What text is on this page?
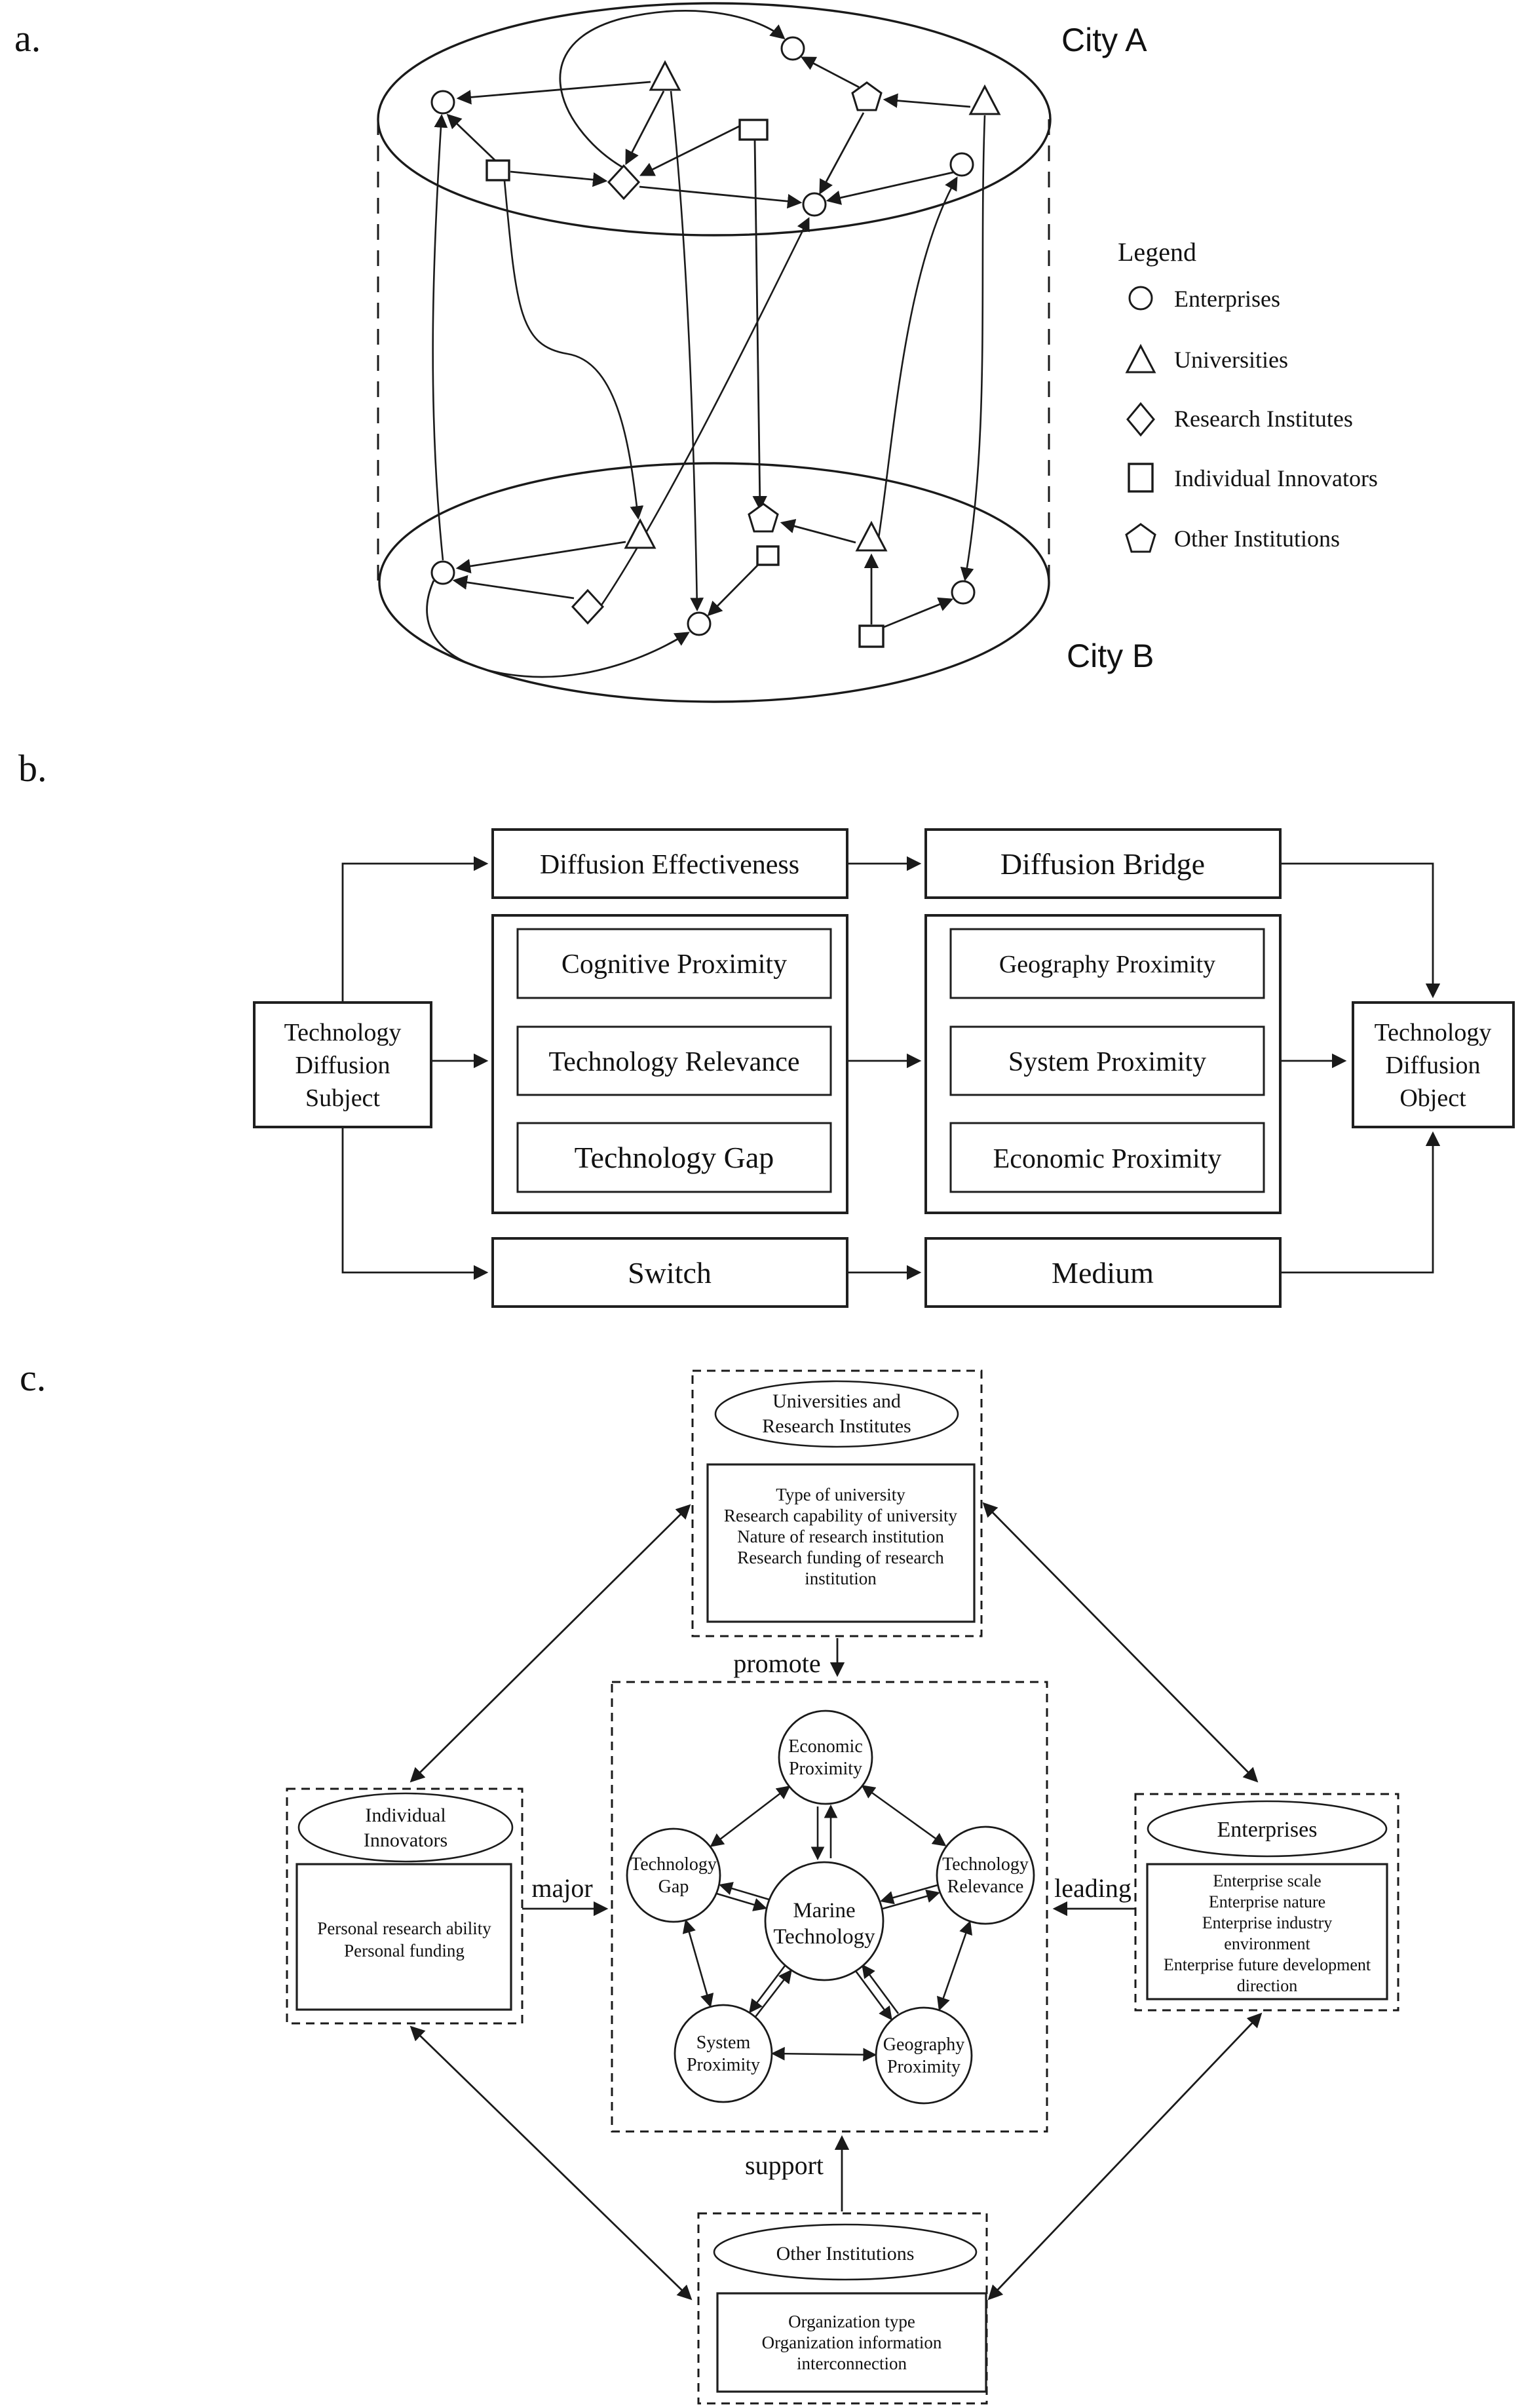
a.	City A
City B
Legend
Enterprises
Universities
Research Institutes
Individual Innovators
Other Institutions
b.
Diffusion Effectiveness	Diffusion Bridge
Cognitive Proximity
Technology Relevance
Technology Gap
Geography Proximity
System Proximity
Economic Proximity
Switch	Medium
Technology
Diffusion
Subject
Technology
Diffusion
Object
c.
Universities and
Research Institutes
Type of university
Research capability of university
Nature of research institution
Research funding of research
institution
promote
Individual
Innovators
Personal research ability
Personal funding
major
Enterprises
Enterprise scale
Enterprise nature
Enterprise industry
environment
Enterprise future development
direction
leading
Other Institutions
Organization type
Organization information
interconnection
support
Economic
Proximity
Technology
Gap
Technology
Relevance
Marine
Technology
System
Proximity
Geography
Proximity
